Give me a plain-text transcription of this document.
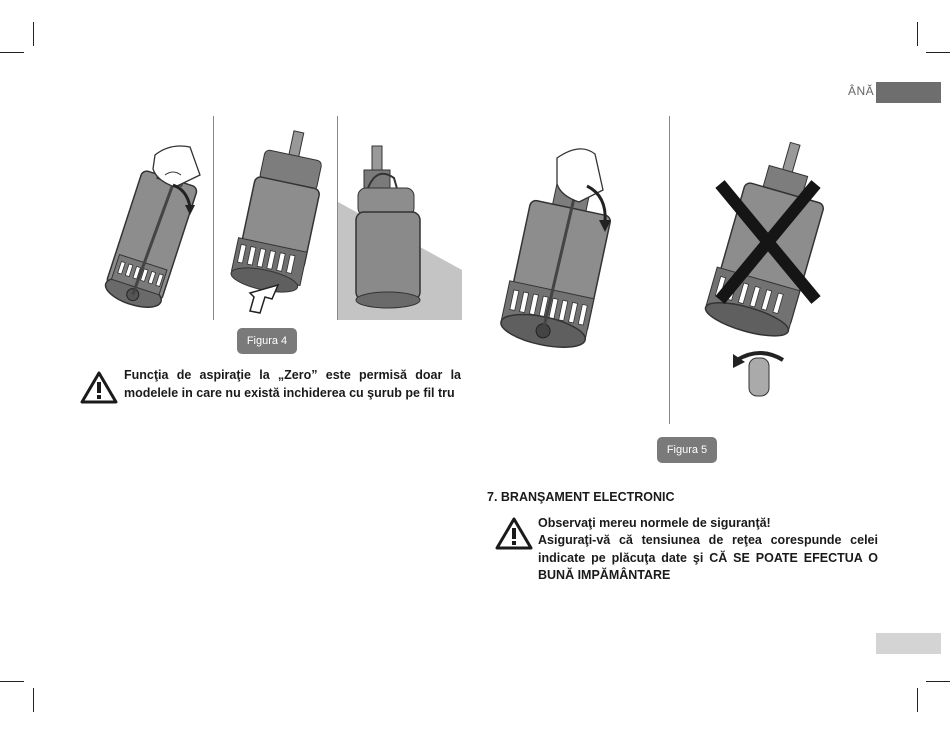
ÂNĂ
Figura 4
Funcţia de aspiraţie la „Zero” este permisă doar la modelele in care nu există inchiderea cu şurub pe fil tru
Figura 5
7. BRANŞAMENT ELECTRONIC
Observaţi mereu normele de siguranţă!
Asiguraţi-vă că tensiunea de reţea corespunde celei indicate pe plăcuţa date şi CĂ SE POATE EFECTUA O BUNĂ IMPĂMÂNTARE
